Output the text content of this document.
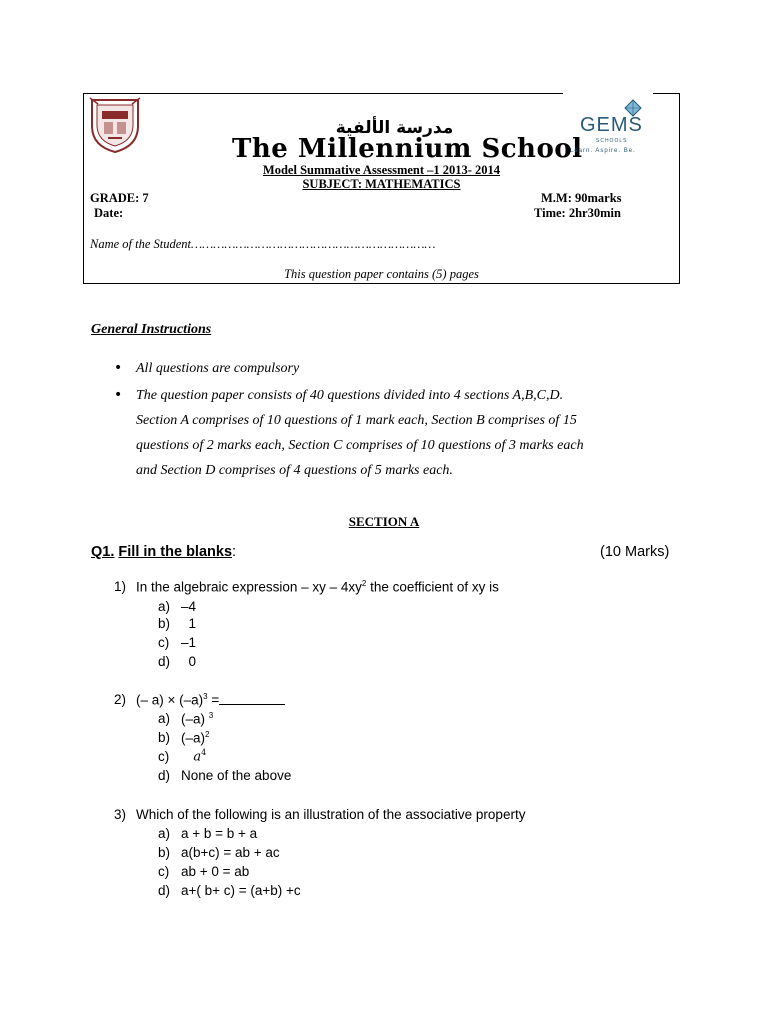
مدرسة الألفية
The Millennium School
GEMS
SCHOOLS
Learn. Aspire. Be.
Model Summative Assessment –1 2013- 2014
SUBJECT: MATHEMATICS
GRADE: 7
Date:
M.M: 90marks
Time: 2hr30min
Name of the Student…………………………………………………………
This question paper contains (5) pages
General Instructions
• All questions are compulsory
• The question paper consists of 40 questions divided into 4 sections A,B,C,D.
Section A comprises of 10 questions of 1 mark each, Section B comprises of 15
questions of 2 marks each, Section C comprises of 10 questions of 3 marks each
and Section D comprises of 4 questions of 5 marks each.
SECTION A
Q1. Fill in the blanks:	(10 Marks)
1) In the algebraic expression – xy – $4xy^2$ the coefficient of xy is
a) –4
b) 1
c) –1
d) 0
2) (– $a) \times (-a)^3$ =
a) (–a) $^3$
b) $(-a)^2$
c) $a^4$
d) None of the above
3) Which of the following is an illustration of the associative property
a) a + b = b + a
b) a(b+c) = ab + ac
c) ab + 0 = ab
d) a+( b+ c) = (a+b) +c
